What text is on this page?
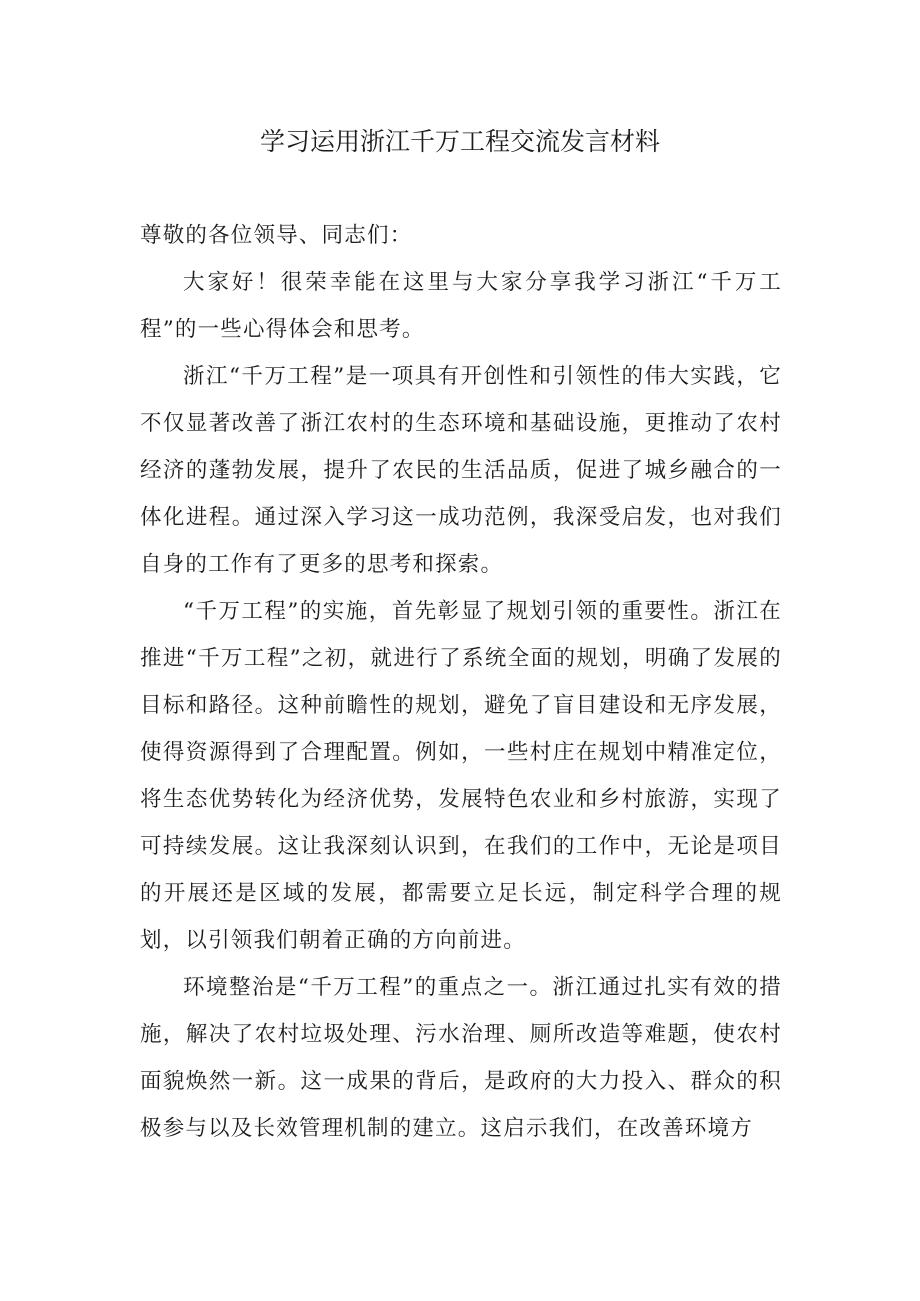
学习运用浙江千万工程交流发言材料

尊敬的各位领导、同志们：

大家好！很荣幸能在这里与大家分享我学习浙江“千万工程”的一些心得体会和思考。

浙江“千万工程”是一项具有开创性和引领性的伟大实践，它不仅显著改善了浙江农村的生态环境和基础设施，更推动了农村经济的蓬勃发展，提升了农民的生活品质，促进了城乡融合的一体化进程。通过深入学习这一成功范例，我深受启发，也对我们自身的工作有了更多的思考和探索。

“千万工程”的实施，首先彰显了规划引领的重要性。浙江在推进“千万工程”之初，就进行了系统全面的规划，明确了发展的目标和路径。这种前瞻性的规划，避免了盲目建设和无序发展，使得资源得到了合理配置。例如，一些村庄在规划中精准定位，将生态优势转化为经济优势，发展特色农业和乡村旅游，实现了可持续发展。这让我深刻认识到，在我们的工作中，无论是项目的开展还是区域的发展，都需要立足长远，制定科学合理的规划，以引领我们朝着正确的方向前进。

环境整治是“千万工程”的重点之一。浙江通过扎实有效的措施，解决了农村垃圾处理、污水治理、厕所改造等难题，使农村面貌焕然一新。这一成果的背后，是政府的大力投入、群众的积极参与以及长效管理机制的建立。这启示我们，在改善环境方
